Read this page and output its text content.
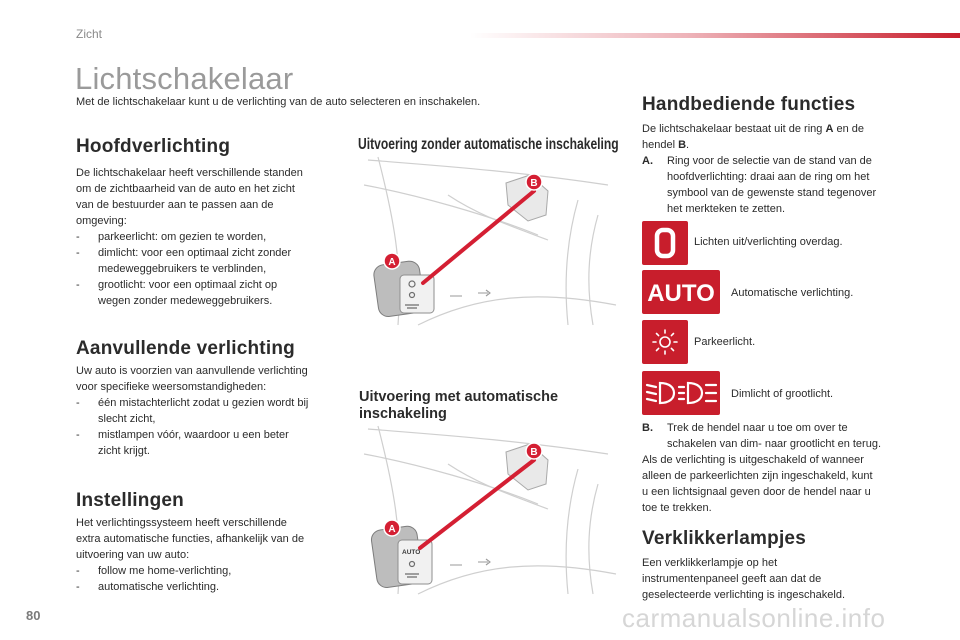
Zicht
Lichtschakelaar
Met de lichtschakelaar kunt u de verlichting van de auto selecteren en inschakelen.
Hoofdverlichting
De lichtschakelaar heeft verschillende standen
om de zichtbaarheid van de auto en het zicht
van de bestuurder aan te passen aan de
omgeving:
- parkeerlicht: om gezien te worden,
- dimlicht: voor een optimaal zicht zonder
medeweggebruikers te verblinden,
- grootlicht: voor een optimaal zicht op
wegen zonder medeweggebruikers.
Aanvullende verlichting
Uw auto is voorzien van aanvullende verlichting
voor specifieke weersomstandigheden:
- één mistachterlicht zodat u gezien wordt bij
slecht zicht,
- mistlampen vóór, waardoor u een beter
zicht krijgt.
Instellingen
Het verlichtingssysteem heeft verschillende
extra automatische functies, afhankelijk van de
uitvoering van uw auto:
- follow me home-verlichting,
- automatische verlichting.
Uitvoering zonder automatische inschakeling
A
B
Uitvoering met automatische
inschakeling
AUTO
A
B
Handbediende functies
De lichtschakelaar bestaat uit de ring A en de
hendel B.
A. Ring voor de selectie van de stand van de
hoofdverlichting: draai aan de ring om het
symbool van de gewenste stand tegenover
het merkteken te zetten.
Lichten uit/verlichting overdag.
AUTO Automatische verlichting.
Parkeerlicht.
Dimlicht of grootlicht.
B. Trek de hendel naar u toe om over te
schakelen van dim- naar grootlicht en terug.
Als de verlichting is uitgeschakeld of wanneer
alleen de parkeerlichten zijn ingeschakeld, kunt
u een lichtsignaal geven door de hendel naar u
toe te trekken.
Verklikkerlampjes
Een verklikkerlampje op het
instrumentenpaneel geeft aan dat de
geselecteerde verlichting is ingeschakeld.
80	carmanualsonline.info
